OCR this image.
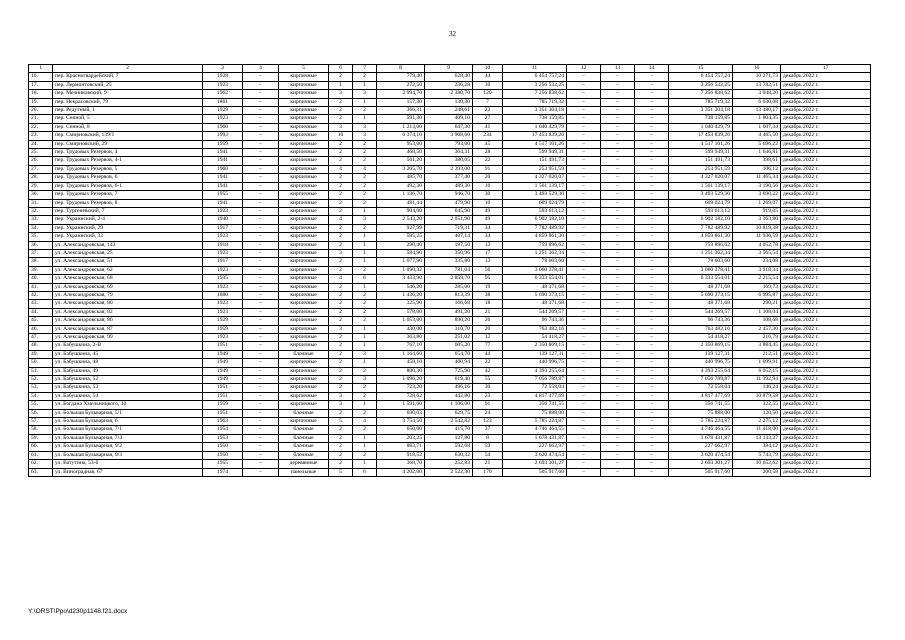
32
1	2	3	4	5	6	7	8	9	10	11	12	13	14	15	16	17
16.	пер. Красногвардейский, 7	1928	–	кирпичные	2	2	779,40	628,40	44	6 454 757,24	–	–	–	6 454 757,24	10 271,73	декабрь 2022 г.
17.	пер. Лермонтовский, 25	1923	–	кирпичные	1	1	272,50	236,28	10	3 256 532,25	–	–	–	3 256 532,25	13 782,51	декабрь 2022 г.
18.	пер. Мечниковский, 9	1962	–	кирпичные	3	3	2 994,70	2 380,70	120	7 256 838,62	–	–	–	7 256 838,62	3 048,20	декабрь 2022 г.
19.	пер. Некрасовский, 79	1861	–	кирпичные	2	1	157,30	130,30	7	785 719,32	–	–	–	785 719,32	6 030,08	декабрь 2022 г.
20.	пер. Редутный, 1	1929	–	кирпичные	2	2	366,31	248,61	22	3 351 304,18	–	–	–	3 351 304,18	13 480,17	декабрь 2022 г.
21.	пер. Сенной, 5	1923	–	кирпичные	2	1	591,30	409,10	27	738 159,85	–	–	–	738 159,85	1 804,35	декабрь 2022 г.
22.	пер. Сенной, 8	1960	–	кирпичные	3	3	1 213,00	647,30	41	1 040 429,79	–	–	–	1 040 429,79	1 607,34	декабрь 2022 г.
23.	пер. Смирновский, 139/1	1993	–	кирпичные	10	3	6 374,10	3 908,60	234	17 453 839,26	–	–	–	17 453 839,26	4 465,50	декабрь 2022 г.
24.	пер. Смирновский, 29	1959	–	кирпичные	2	2	953,00	793,00	45	4 517 101,26	–	–	–	4 517 101,26	5 696,22	декабрь 2022 г.
25.	пер. Трудовых Резервов, 4	1941	–	кирпичные	2	2	468,50	364,31	28	599 949,31	–	–	–	599 949,31	1 646,81	декабрь 2022 г.
26.	пер. Трудовых Резервов, 4-1	1941	–	кирпичные	2	2	501,20	380,05	22	151 491,73	–	–	–	151 491,73	398,61	декабрь 2022 г.
27.	пер. Трудовых Резервов, 5	1960	–	кирпичные	4	4	3 265,70	2 393,00	91	253 951,59	–	–	–	253 951,59	106,12	декабрь 2022 г.
28.	пер. Трудовых Резервов, 6	1941	–	кирпичные	2	2	485,70	377,40	20	4 327 020,07	–	–	–	4 327 020,07	11 465,34	декабрь 2022 г.
29.	пер. Трудовых Резервов, 6-1	1941	–	кирпичные	2	2	492,30	489,30	16	1 561 139,17	–	–	–	1 561 139,17	3 190,56	декабрь 2022 г.
30.	пер. Трудовых Резервов, 7	1955	–	кирпичные	2	2	1 136,70	946,70	30	3 493 529,30	–	–	–	3 493 529,30	3 690,22	декабрь 2022 г.
31.	пер. Трудовых Резервов, 8	1941	–	кирпичные	2	2	481,44	479,90	10	609 024,79	–	–	–	609 024,79	1 269,07	декабрь 2022 г.
32.	пер. Тургеневский, 7	1923	–	кирпичные	2	1	904,00	645,90	49	593 613,12	–	–	–	593 613,12	919,05	декабрь 2022 г.
33.	пер. Украинский, 2-4	1940	–	кирпичные	4	3	2 543,20	2 051,90	49	6 902 182,10	–	–	–	6 902 182,10	3 363,80	декабрь 2022 г.
34.	пер. Украинский, 29	1917	–	кирпичные	2	2	927,99	719,31	34	7 782 489,92	–	–	–	7 782 489,92	10 819,38	декабрь 2022 г.
35.	пер. Украинский, 33	1923	–	кирпичные	2	1	585,25	407,14	34	4 859 861,30	–	–	–	4 859 861,30	11 936,59	декабрь 2022 г.
36.	ул. Александровская, 143	1918	–	кирпичные	2	1	290,40	187,50	13	759 896,62	–	–	–	759 896,62	4 052,78	декабрь 2022 г.
37.	ул. Александровская, 25	1923	–	кирпичные	3	1	584,90	350,96	17	1 251 362,34	–	–	–	1 251 362,34	3 565,54	декабрь 2022 г.
38.	ул. Александровская, 51	1917	–	кирпичные	2	1	1 077,90	335,80	13	78 603,60	–	–	–	78 603,60	234,08	декабрь 2022 г.
39.	ул. Александровская, 62	1923	–	кирпичные	2	2	1 090,32	781,04	56	3 060 378,41	–	–	–	3 060 378,41	3 918,34	декабрь 2022 г.
40.	ул. Александровская, 68	1935	–	кирпичные	4	6	3 433,90	2 858,70	95	6 333 554,01	–	–	–	6 333 554,01	2 215,54	декабрь 2022 г.
41.	ул. Александровская, 69	1923	–	кирпичные	2	1	546,20	285,00	19	48 371,68	–	–	–	48 371,68	169,73	декабрь 2022 г.
42.	ул. Александровская, 79	1880	–	кирпичные	2	2	1 436,20	813,39	38	5 690 373,15	–	–	–	5 690 373,15	6 995,87	декабрь 2022 г.
43.	ул. Александровская, 80	1923	–	кирпичные	2	2	325,90	166,68	18	48 371,68	–	–	–	48 371,68	290,21	декабрь 2022 г.
44.	ул. Александровская, 82	1923	–	кирпичные	2	2	578,00	491,20	21	544 269,57	–	–	–	544 269,57	1 108,04	декабрь 2022 г.
45.	ул. Александровская, 86	1929	–	кирпичные	2	2	1 053,00	890,20	26	96 743,36	–	–	–	96 743,36	108,68	декабрь 2022 г.
46.	ул. Александровская, 87	1959	–	кирпичные	3	1	430,00	310,70	20	763 482,16	–	–	–	763 482,16	2 457,30	декабрь 2022 г.
47.	ул. Александровская, 99	1923	–	кирпичные	2	1	363,80	251,02	12	54 418,27	–	–	–	54 418,27	216,79	декабрь 2022 г.
48.	ул. Бабушкина, 2-В	1951	–	кирпичные	2	1	767,10	605,20	77	2 350 869,15	–	–	–	2 350 869,15	3 884,45	декабрь 2022 г.
49.	ул. Бабушкина, 45	1949	–	блочные	2	3	1 164,60	654,70	44	139 127,31	–	–	–	139 127,31	212,51	декабрь 2022 г.
50.	ул. Бабушкина, 48	1949	–	кирпичные	2	1	458,10	400,94	22	440 996,75	–	–	–	440 996,75	1 099,91	декабрь 2022 г.
51.	ул. Бабушкина, 49	1949	–	кирпичные	2	2	800,30	725,90	42	4 393 255,64	–	–	–	4 393 255,64	6 052,15	декабрь 2022 г.
52.	ул. Бабушкина, 52	1949	–	кирпичные	2	3	1 096,20	619,40	55	7 056 789,87	–	–	–	7 056 789,87	11 392,94	декабрь 2022 г.
53.	ул. Бабушкина, 53	1951	–	кирпичные	2	2	723,20	496,16	30	72 558,04	–	–	–	72 558,04	146,24	декабрь 2022 г.
54.	ул. Бабушкина, 54	1951	–	кирпичные	3	2	728,62	442,80	23	4 817 477,69	–	–	–	4 817 477,69	10 879,58	декабрь 2022 г.
55.	ул. Богдана Хмельницкого, 10	1959	–	кирпичные	3	1	1 591,60	1 106,00	91	356 741,55	–	–	–	356 741,55	322,55	декабрь 2022 г.
56.	ул. Большая Бульварная, 5/1	1951	–	блочные	2	2	690,03	629,75	24	75 888,00	–	–	–	75 888,00	120,50	декабрь 2022 г.
57.	ул. Большая Бульварная, 6	1963	–	кирпичные	5	4	3 754,50	2 542,82	123	5 785 224,87	–	–	–	5 785 224,87	2 275,12	декабрь 2022 г.
58.	ул. Большая Бульварная, 7/1	1954	–	блочные	2	2	650,00	415,70	37	4 746 464,55	–	–	–	4 746 464,55	11 418,00	декабрь 2022 г.
59.	ул. Большая Бульварная, 7/4	1953	–	блочные	2	1	203,25	127,80	8	1 678 431,87	–	–	–	1 678 431,87	13 133,27	декабрь 2022 г.
60.	ул. Большая Бульварная, 9/2	1950	–	блочные	2	1	883,71	592,68	59	227 662,97	–	–	–	227 662,97	384,12	декабрь 2022 г.
61.	ул. Большая Бульварная, 9/3	1950	–	блочные	2	2	918,52	630,32	54	3 620 474,54	–	–	–	3 620 474,54	5 743,79	декабрь 2022 г.
62.	ул. Ватутина, 53-б	1955	–	деревянные	2	1	368,70	252,83	21	2 693 301,27	–	–	–	2 693 301,27	10 652,62	декабрь 2022 г.
63.	ул. Виноградная, 67	1974	–	панельные	5	6	4 202,00	2 522,30	170	505 917,60	–	–	–	505 917,60	200,58	декабрь 2022 г.
Y:\ORST\Ppo\d230p1148.f21.docx
